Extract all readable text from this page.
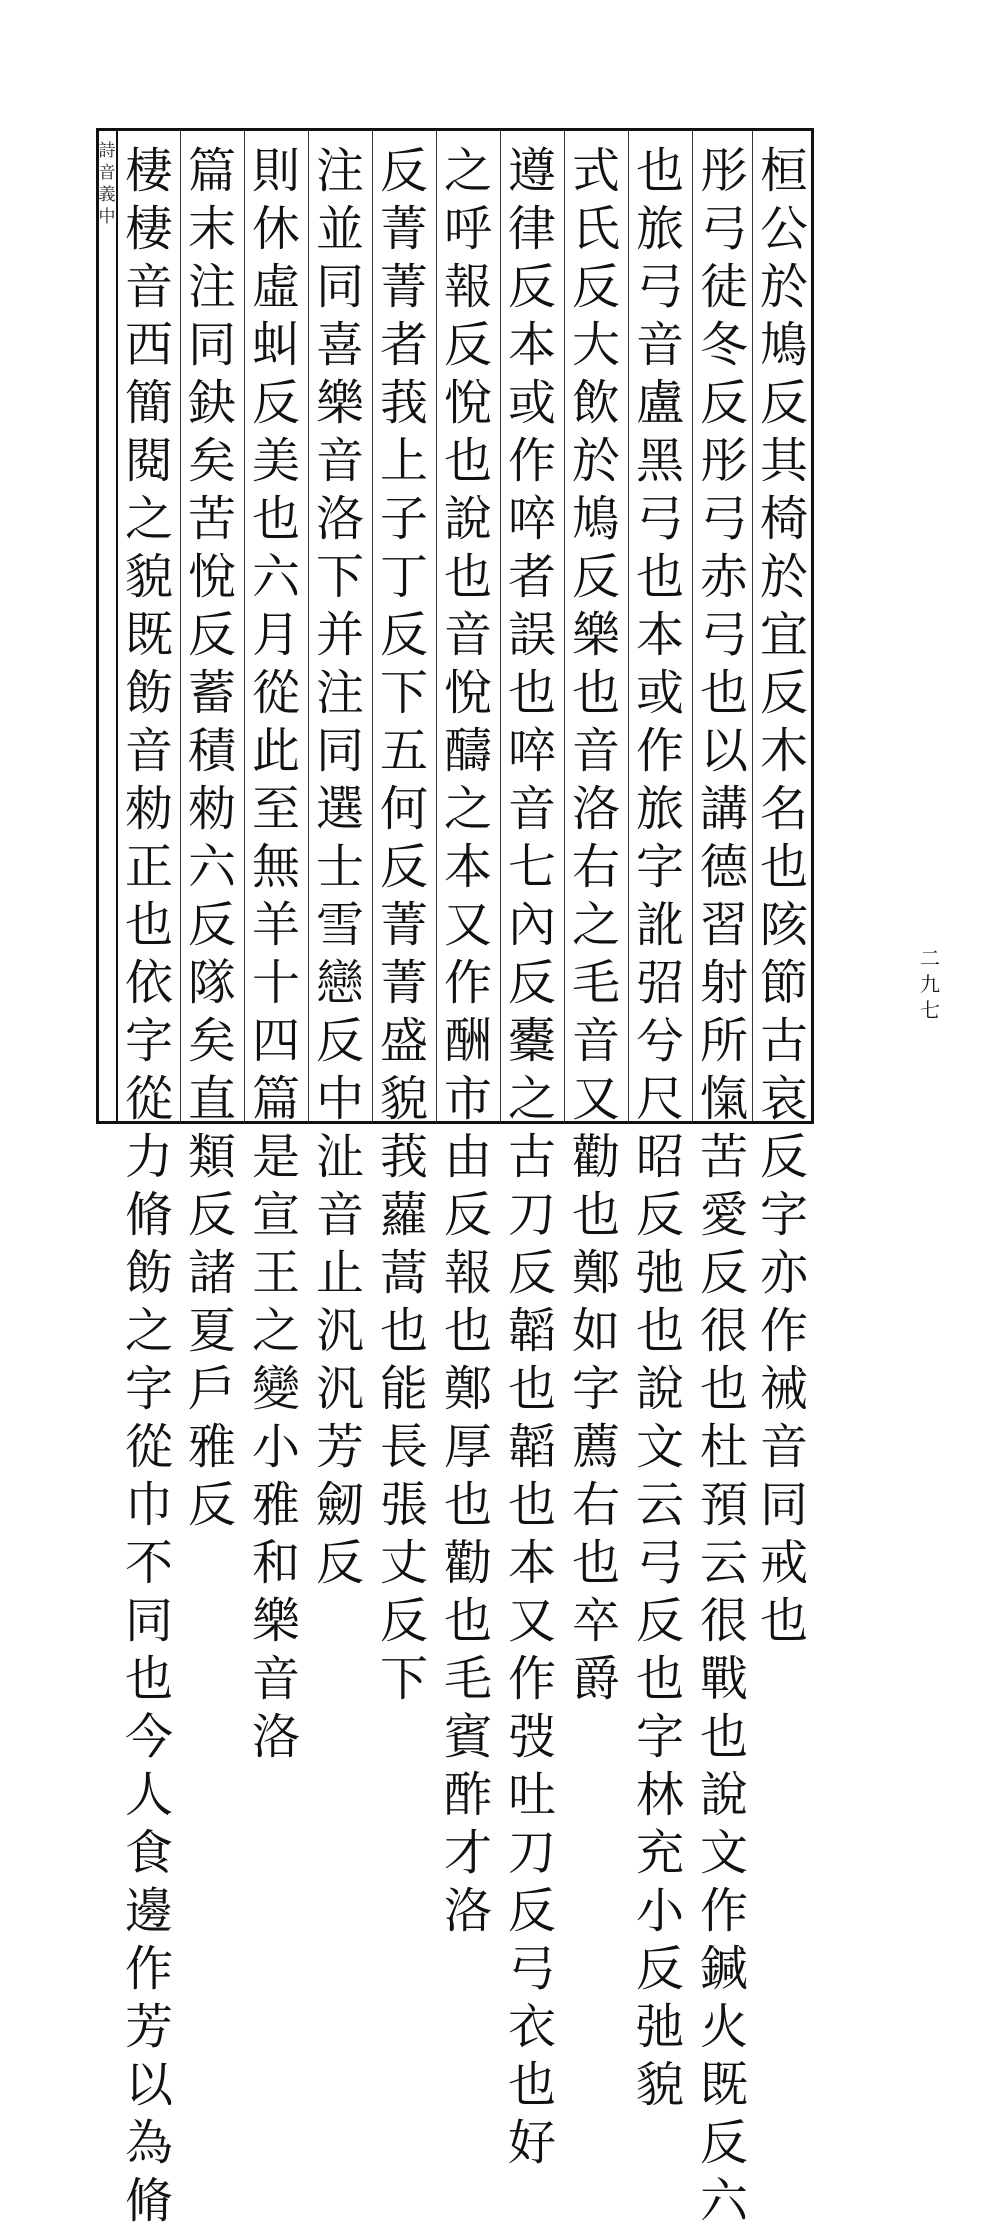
詩音義中
桓公於鳩反其椅於宜反木名也陔節古哀反字亦作祴音同戒也
彤弓徒冬反彤弓赤弓也以講德習射所愾苦愛反很也杜預云很戰也說文作鍼火既反六
也旅弓音盧黑弓也本或作旅字訛弨兮尺昭反弛也說文云弓反也字林充小反弛貌
式氏反大飲於鳩反樂也音洛右之毛音又勸也鄭如字薦右也卒爵
遵律反本或作啐者誤也啐音七內反櫜之古刀反韜也韜也本又作弢吐刀反弓衣也好
之呼報反悅也說也音悅醻之本又作酬市由反報也鄭厚也勸也毛賓酢才洛
反菁菁者莪上子丁反下五何反菁菁盛貌莪蘿蒿也能長張丈反下
注並同喜樂音洛下并注同選士雪戀反中沚音止汎汎芳劒反
則休虛虯反美也六月從此至無羊十四篇是宣王之變小雅和樂音洛
篇末注同鈌矣苦悅反蓄積勑六反隊矣直類反諸夏戶雅反
棲棲音西簡閱之貌既飭音勑正也依字從力脩飭之字從巾不同也今人食邊作芳以為脩
二九七
